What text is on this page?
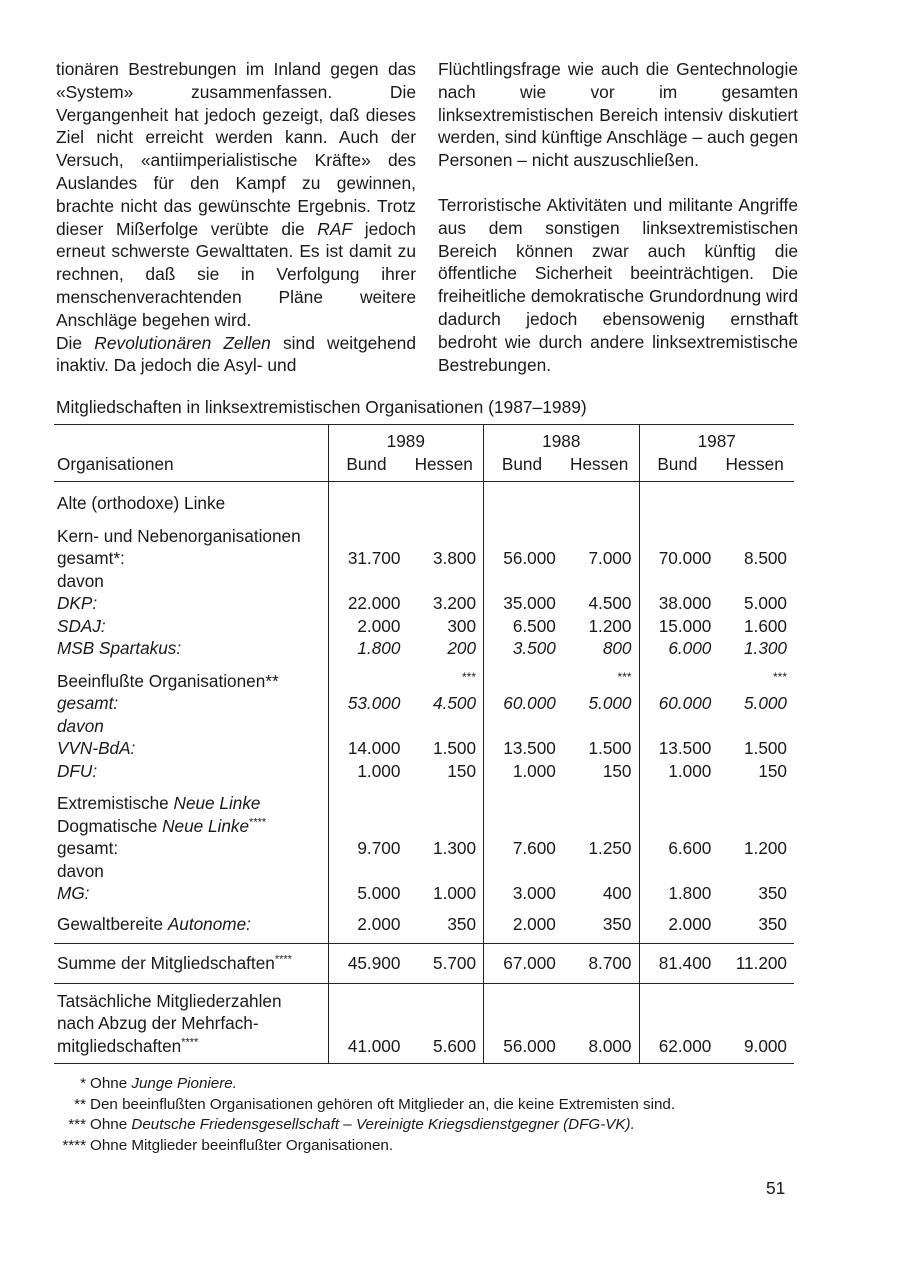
tionären Bestrebungen im Inland gegen das «System» zusammenfassen. Die Vergangenheit hat jedoch gezeigt, daß dieses Ziel nicht erreicht werden kann. Auch der Versuch, «antiimperialistische Kräfte» des Auslandes für den Kampf zu gewinnen, brachte nicht das gewünschte Ergebnis. Trotz dieser Mißerfolge verübte die RAF jedoch erneut schwerste Gewalttaten. Es ist damit zu rechnen, daß sie in Verfolgung ihrer menschenverachtenden Pläne weitere Anschläge begehen wird.

Die Revolutionären Zellen sind weitgehend inaktiv. Da jedoch die Asyl- und

Flüchtlingsfrage wie auch die Gentechnologie nach wie vor im gesamten linksextremistischen Bereich intensiv diskutiert werden, sind künftige Anschläge – auch gegen Personen – nicht auszuschließen.

Terroristische Aktivitäten und militante Angriffe aus dem sonstigen linksextremistischen Bereich können zwar auch künftig die öffentliche Sicherheit beeinträchtigen. Die freiheitliche demokratische Grundordnung wird dadurch jedoch ebensowenig ernsthaft bedroht wie durch andere linksextremistische Bestrebungen.

Mitgliedschaften in linksextremistischen Organisationen (1987–1989)
	1989		1988		1987	
Organisationen	Bund	Hessen	Bund	Hessen	Bund	Hessen
Alte (orthodoxe) Linke						
Kern- und Nebenorganisationen						
gesamt*:	31.700	3.800	56.000	7.000	70.000	8.500
davon						
DKP:	22.000	3.200	35.000	4.500	38.000	5.000
SDAJ:	2.000	300	6.500	1.200	15.000	1.600
MSB Spartakus:	1.800	200	3.500	800	6.000	1.300
Beeinflußte Organisationen**		***		***		***
gesamt:	53.000	4.500	60.000	5.000	60.000	5.000
davon						
VVN-BdA:	14.000	1.500	13.500	1.500	13.500	1.500
DFU:	1.000	150	1.000	150	1.000	150
Extremistische Neue Linke						
Dogmatische Neue Linke****						
gesamt:	9.700	1.300	7.600	1.250	6.600	1.200
davon						
MG:	5.000	1.000	3.000	400	1.800	350
Gewaltbereite Autonome:	2.000	350	2.000	350	2.000	350
Summe der Mitgliedschaften****	45.900	5.700	67.000	8.700	81.400	11.200
Tatsächliche Mitgliederzahlen						
nach Abzug der Mehrfach-						
mitgliedschaften****	41.000	5.600	56.000	8.000	62.000	9.000

* Ohne Junge Pioniere.

** Den beeinflußten Organisationen gehören oft Mitglieder an, die keine Extremisten sind.

*** Ohne Deutsche Friedensgesellschaft – Vereinigte Kriegsdienstgegner (DFG-VK).

**** Ohne Mitglieder beeinflußter Organisationen.

51
